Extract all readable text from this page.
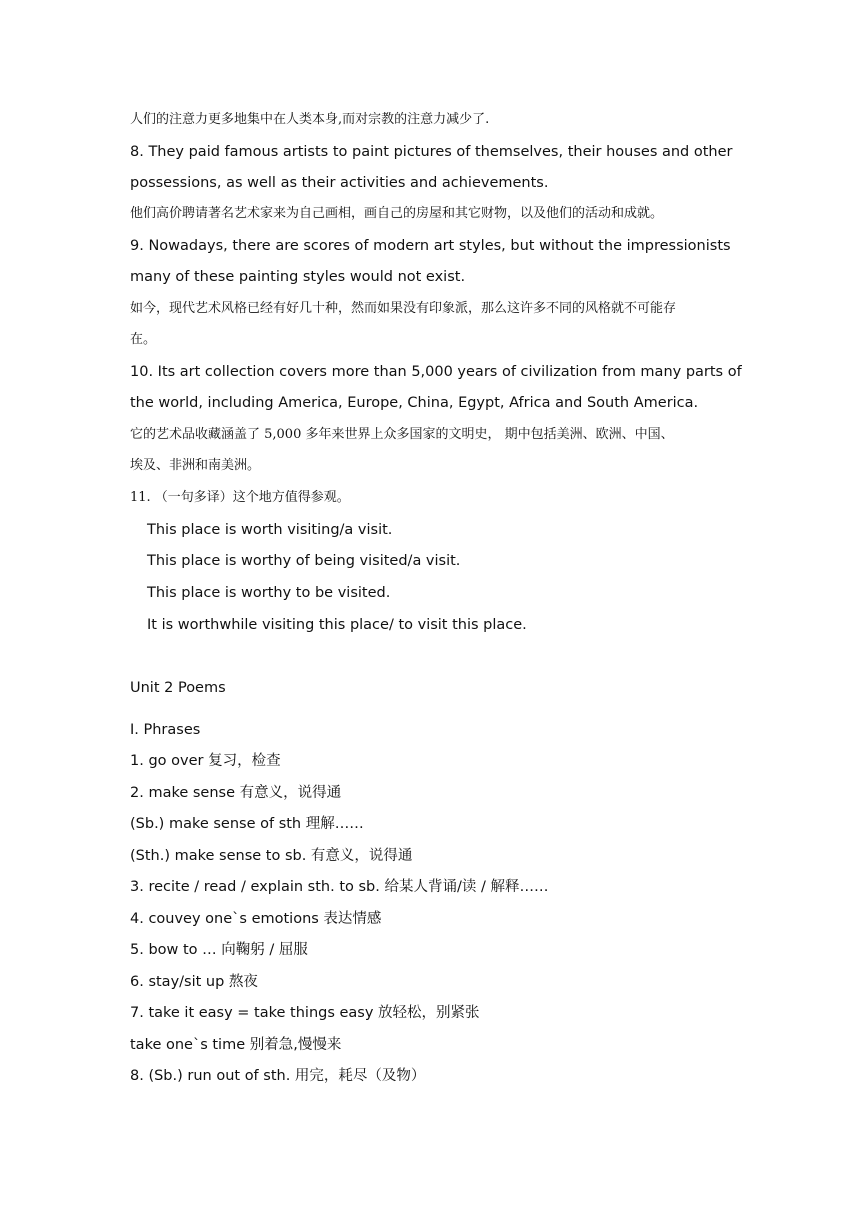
人们的注意力更多地集中在人类本身,而对宗教的注意力减少了.
8. They paid famous artists to paint pictures of themselves, their houses and other
possessions, as well as their activities and achievements.
他们高价聘请著名艺术家来为自己画相，画自己的房屋和其它财物，以及他们的活动和成就。
9. Nowadays, there are scores of modern art styles, but without the impressionists
many of these painting styles would not exist.
如今，现代艺术风格已经有好几十种，然而如果没有印象派，那么这许多不同的风格就不可能存
在。
10. Its art collection covers more than 5,000 years of civilization from many parts of
the world, including America, Europe, China, Egypt, Africa and South America.
它的艺术品收藏涵盖了 5,000 多年来世界上众多国家的文明史， 期中包括美洲、欧洲、中国、
埃及、非洲和南美洲。
11. （一句多译）这个地方值得参观。
This place is worth visiting/a visit.
This place is worthy of being visited/a visit.
This place is worthy to be visited.
It is worthwhile visiting this place/ to visit this place.
Unit 2 Poems
I. Phrases
1. go over 复习，检查
2. make sense 有意义，说得通
(Sb.) make sense of sth 理解……
(Sth.) make sense to sb. 有意义，说得通
3. recite / read / explain sth. to sb. 给某人背诵/读 / 解释……
4. couvey one`s emotions 表达情感
5. bow to … 向鞠躬 / 屈服
6. stay/sit up 熬夜
7. take it easy = take things easy 放轻松，别紧张
take one`s time 别着急,慢慢来
8. (Sb.) run out of sth. 用完，耗尽（及物）
